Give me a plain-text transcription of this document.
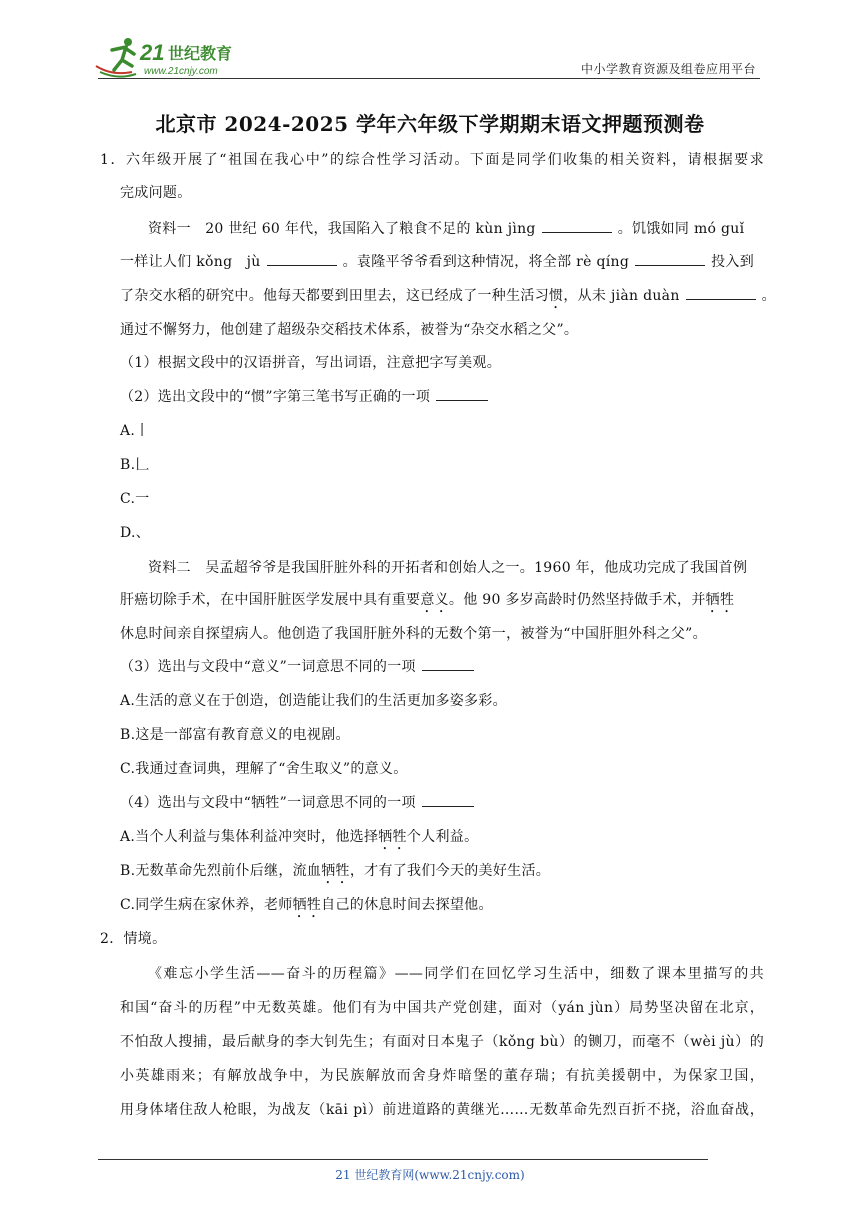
21 世纪教育
www.21cnjy.com	中小学教育资源及组卷应用平台
北京市 2024-2025 学年六年级下学期期末语文押题预测卷
1．六年级开展了“祖国在我心中”的综合性学习活动。下面是同学们收集的相关资料，请根据要求
完成问题。
资料一　20 世纪 60 年代，我国陷入了粮食不足的 kùn jìng	。饥饿如同 mó guǐ
一样让人们 kǒng　jù	。袁隆平爷爷看到这种情况，将全部 rè qíng	投入到
了杂交水稻的研究中。他每天都要到田里去，这已经成了一种生活习惯，从未 jiàn duàn	。
通过不懈努力，他创建了超级杂交稻技术体系，被誉为“杂交水稻之父”。
（1）根据文段中的汉语拼音，写出词语，注意把字写美观。
（2）选出文段中的“惯”字第三笔书写正确的一项
A.丨
B.𠃊
C.一
D.、
资料二　吴孟超爷爷是我国肝脏外科的开拓者和创始人之一。1960 年，他成功完成了我国首例
肝癌切除手术，在中国肝脏医学发展中具有重要意义。他 90 多岁高龄时仍然坚持做手术，并牺牲
休息时间亲自探望病人。他创造了我国肝脏外科的无数个第一，被誉为“中国肝胆外科之父”。
（3）选出与文段中“意义”一词意思不同的一项
A.生活的意义在于创造，创造能让我们的生活更加多姿多彩。
B.这是一部富有教育意义的电视剧。
C.我通过查词典，理解了“舍生取义”的意义。
（4）选出与文段中“牺牲”一词意思不同的一项
A.当个人利益与集体利益冲突时，他选择牺牲个人利益。
B.无数革命先烈前仆后继，流血牺牲，才有了我们今天的美好生活。
C.同学生病在家休养，老师牺牲自己的休息时间去探望他。
2．情境。
《难忘小学生活——奋斗的历程篇》——同学们在回忆学习生活中，细数了课本里描写的共
和国“奋斗的历程”中无数英雄。他们有为中国共产党创建，面对（yán jùn）局势坚决留在北京，
不怕敌人搜捕，最后献身的李大钊先生；有面对日本鬼子（kǒng bù）的铡刀，而毫不（wèi jù）的
小英雄雨来；有解放战争中，为民族解放而舍身炸暗堡的董存瑞；有抗美援朝中，为保家卫国，
用身体堵住敌人枪眼，为战友（kāi pì）前进道路的黄继光……无数革命先烈百折不挠，浴血奋战，
21 世纪教育网(www.21cnjy.com)
